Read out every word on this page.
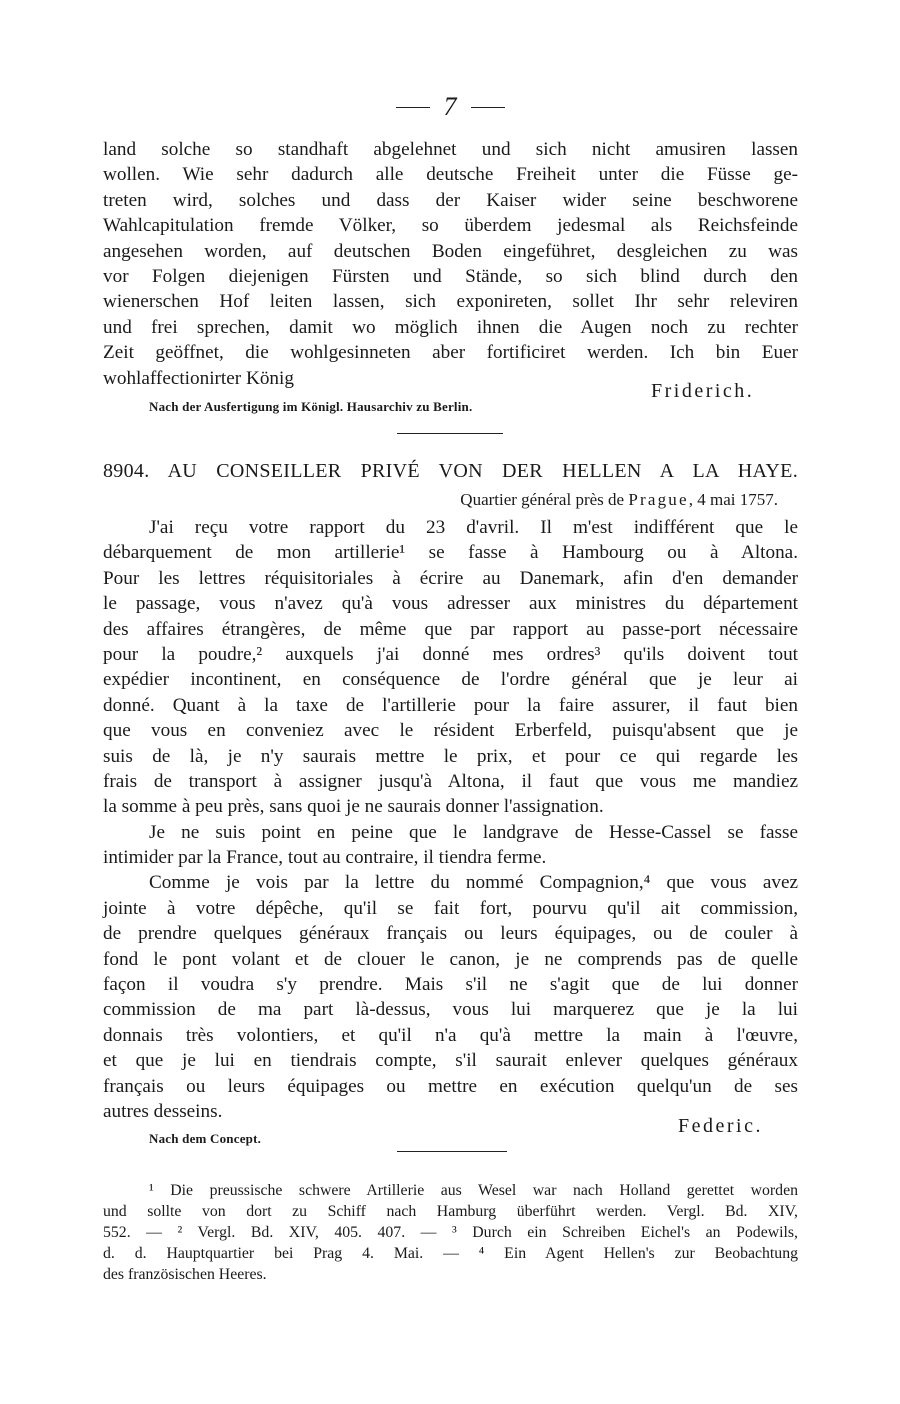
7
land solche so standhaft abgelehnet und sich nicht amusiren lassen
wollen. Wie sehr dadurch alle deutsche Freiheit unter die Füsse ge-
treten wird, solches und dass der Kaiser wider seine beschworene
Wahlcapitulation fremde Völker, so überdem jedesmal als Reichsfeinde
angesehen worden, auf deutschen Boden eingeführet, desgleichen zu was
vor Folgen diejenigen Fürsten und Stände, so sich blind durch den
wienerschen Hof leiten lassen, sich exponireten, sollet Ihr sehr releviren
und frei sprechen, damit wo möglich ihnen die Augen noch zu rechter
Zeit geöffnet, die wohlgesinneten aber fortificiret werden. Ich bin Euer
wohlaffectionirter König
Friderich.
Nach der Ausfertigung im Königl. Hausarchiv zu Berlin.
8904. AU CONSEILLER PRIVÉ VON DER HELLEN A LA HAYE.
Quartier général près de Prague, 4 mai 1757.
J'ai reçu votre rapport du 23 d'avril. Il m'est indifférent que le
débarquement de mon artillerie¹ se fasse à Hambourg ou à Altona.
Pour les lettres réquisitoriales à écrire au Danemark, afin d'en demander
le passage, vous n'avez qu'à vous adresser aux ministres du département
des affaires étrangères, de même que par rapport au passe-port nécessaire
pour la poudre,² auxquels j'ai donné mes ordres³ qu'ils doivent tout
expédier incontinent, en conséquence de l'ordre général que je leur ai
donné. Quant à la taxe de l'artillerie pour la faire assurer, il faut bien
que vous en conveniez avec le résident Erberfeld, puisqu'absent que je
suis de là, je n'y saurais mettre le prix, et pour ce qui regarde les
frais de transport à assigner jusqu'à Altona, il faut que vous me mandiez
la somme à peu près, sans quoi je ne saurais donner l'assignation.
Je ne suis point en peine que le landgrave de Hesse-Cassel se fasse
intimider par la France, tout au contraire, il tiendra ferme.
Comme je vois par la lettre du nommé Compagnion,⁴ que vous avez
jointe à votre dépêche, qu'il se fait fort, pourvu qu'il ait commission,
de prendre quelques généraux français ou leurs équipages, ou de couler à
fond le pont volant et de clouer le canon, je ne comprends pas de quelle
façon il voudra s'y prendre. Mais s'il ne s'agit que de lui donner
commission de ma part là-dessus, vous lui marquerez que je la lui
donnais très volontiers, et qu'il n'a qu'à mettre la main à l'œuvre,
et que je lui en tiendrais compte, s'il saurait enlever quelques généraux
français ou leurs équipages ou mettre en exécution quelqu'un de ses
autres desseins.
Federic.
Nach dem Concept.
¹ Die preussische schwere Artillerie aus Wesel war nach Holland gerettet worden
und sollte von dort zu Schiff nach Hamburg überführt werden. Vergl. Bd. XIV,
552. — ² Vergl. Bd. XIV, 405. 407. — ³ Durch ein Schreiben Eichel's an Podewils,
d. d. Hauptquartier bei Prag 4. Mai. — ⁴ Ein Agent Hellen's zur Beobachtung
des französischen Heeres.
